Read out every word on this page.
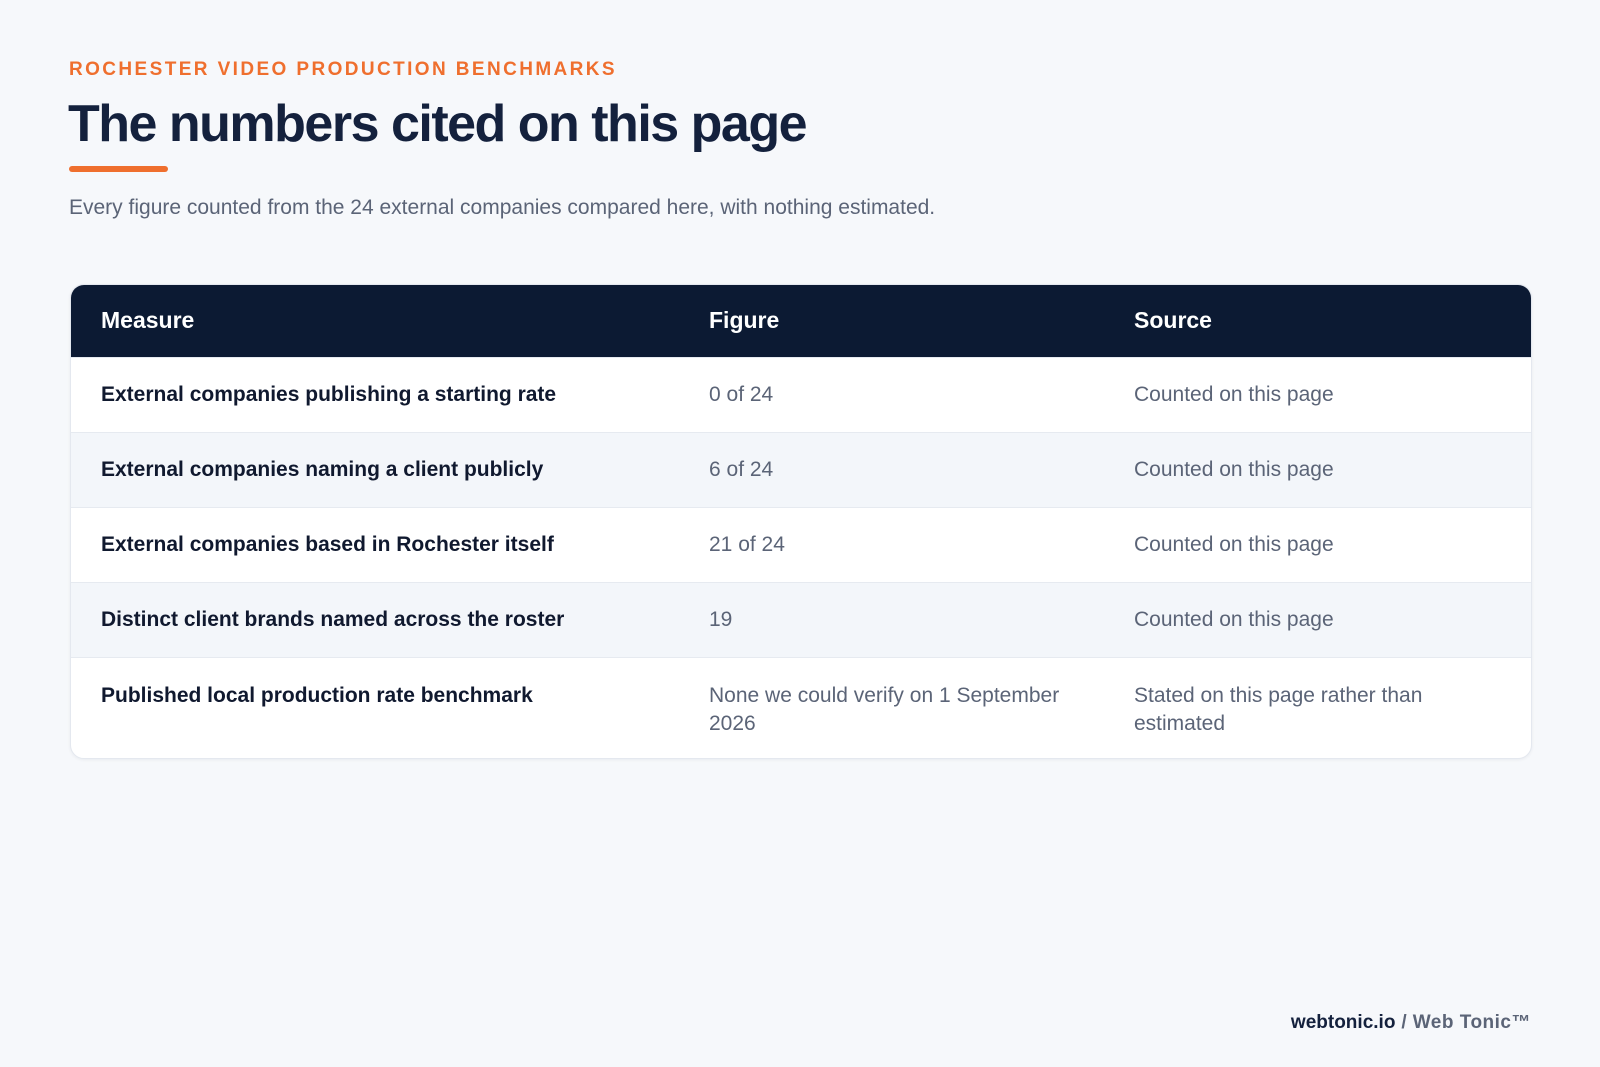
ROCHESTER VIDEO PRODUCTION BENCHMARKS
The numbers cited on this page
Every figure counted from the 24 external companies compared here, with nothing estimated.
Measure	Figure	Source
External companies publishing a starting rate	0 of 24	Counted on this page
External companies naming a client publicly	6 of 24	Counted on this page
External companies based in Rochester itself	21 of 24	Counted on this page
Distinct client brands named across the roster	19	Counted on this page
Published local production rate benchmark	None we could verify on 1 September 2026	Stated on this page rather than estimated
webtonic.io / Web Tonic™
